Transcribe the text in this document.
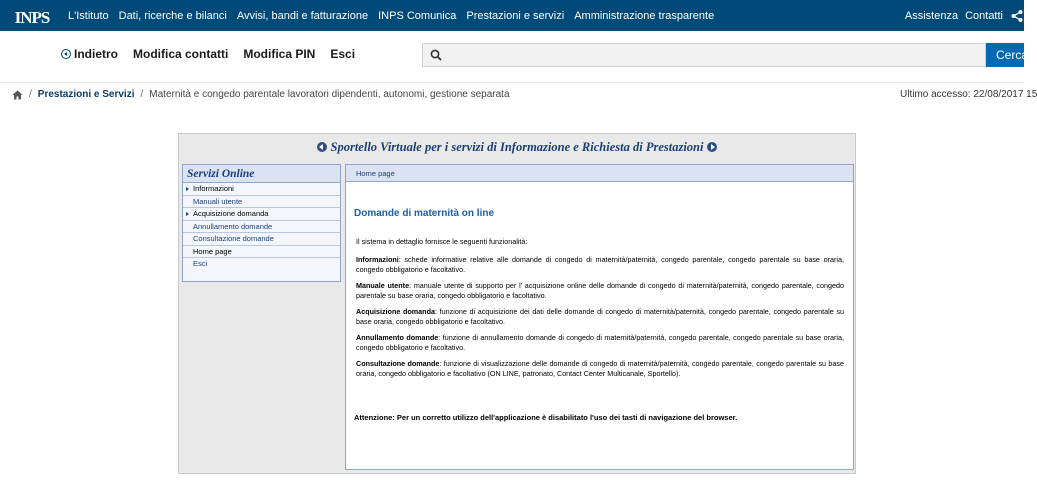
INPS	L'Istituto Dati, ricerche e bilanci Avvisi, bandi e fatturazione INPS Comunica Prestazioni e servizi Amministrazione trasparente	Assistenza Contatti
Indietro Modifica contatti Modifica PIN Esci	Cerca
/ Prestazioni e Servizi / Maternità e congedo parentale lavoratori dipendenti, autonomi, gestione separata	Ultimo accesso: 22/08/2017 15
Sportello Virtuale per i servizi di Informazione e Richiesta di Prestazioni
Servizi Online
Informazioni
Manuali utente
Acquisizione domanda
Annullamento domande
Consultazione domande
Home page
Esci
Home page
Domande di maternità on line
Il sistema in dettaglio fornisce le seguenti funzionalità:
Informazioni: schede informative relative alle domande di congedo di maternità/paternità, congedo parentale, congedo parentale su base oraria, congedo obbligatorio e facoltativo.
Manuale utente: manuale utente di supporto per l' acquisizione online delle domande di congedo di maternità/paternità, congedo parentale, congedo parentale su base oraria, congedo obbligatorio e facoltativo.
Acquisizione domanda: funzione di acquisizione dei dati delle domande di congedo di maternità/paternità, congedo parentale, congedo parentale su base oraria, congedo obbligatorio e facoltativo.
Annullamento domande: funzione di annullamento domande di congedo di maternità/paternità, congedo parentale, congedo parentale su base oraria, congedo obbligatorio e facoltativo.
Consultazione domande: funzione di visualizzazione delle domande di congedo di maternità/paternità, congedo parentale, congedo parentale su base oraria, congedo obbligatorio e facoltativo (ON LINE, patronato, Contact Center Multicanale, Sportello).
Attenzione: Per un corretto utilizzo dell'applicazione è disabilitato l'uso dei tasti di navigazione del browser.
